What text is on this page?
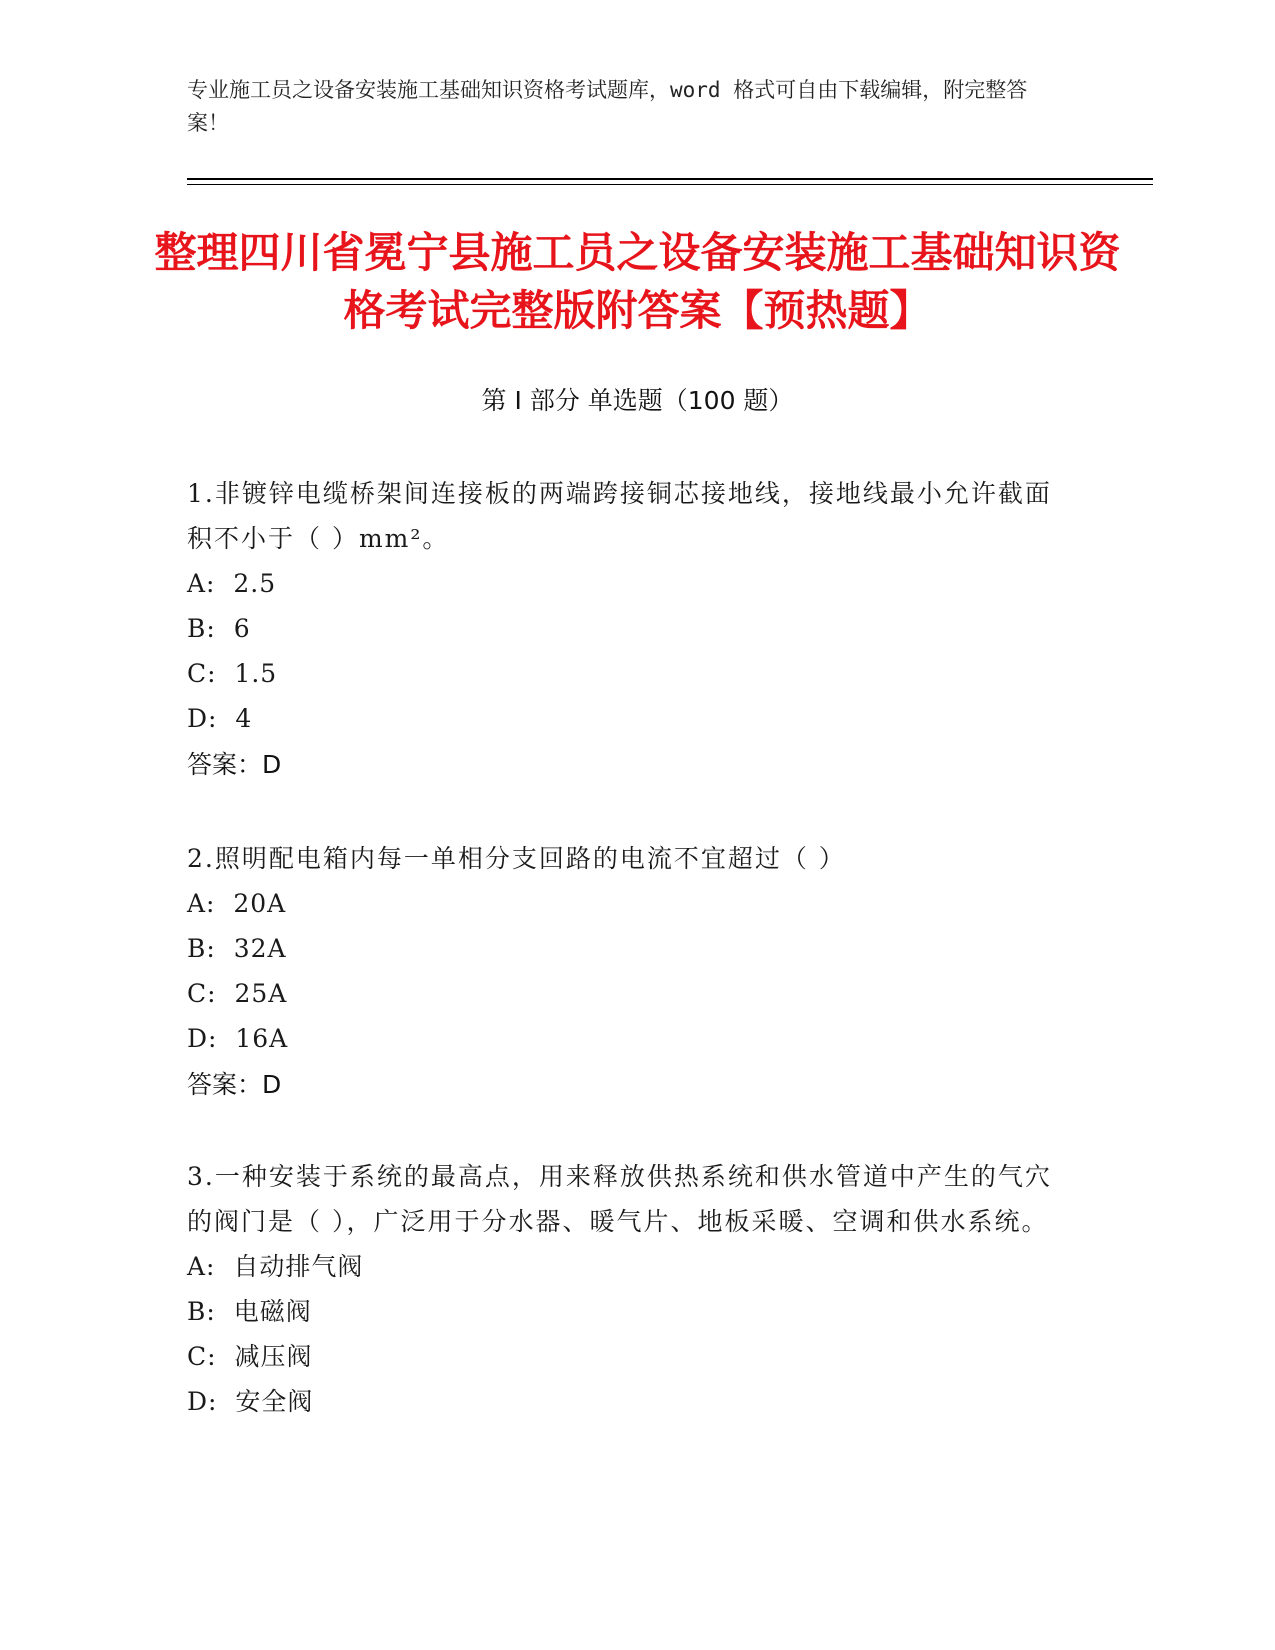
专业施工员之设备安装施工基础知识资格考试题库，word 格式可自由下载编辑，附完整答案！
整理四川省冕宁县施工员之设备安装施工基础知识资格考试完整版附答案【预热题】
第 I 部分 单选题（100 题）
1.非镀锌电缆桥架间连接板的两端跨接铜芯接地线，接地线最小允许截面积不小于（ ）mm²。
A:  2.5
B:  6
C:  1.5
D:  4
答案：D
2.照明配电箱内每一单相分支回路的电流不宜超过（ ）
A:  20A
B:  32A
C:  25A
D:  16A
答案：D
3.一种安装于系统的最高点，用来释放供热系统和供水管道中产生的气穴的阀门是（ ），广泛用于分水器、暖气片、地板采暖、空调和供水系统。
A:  自动排气阀
B:  电磁阀
C:  减压阀
D:  安全阀
